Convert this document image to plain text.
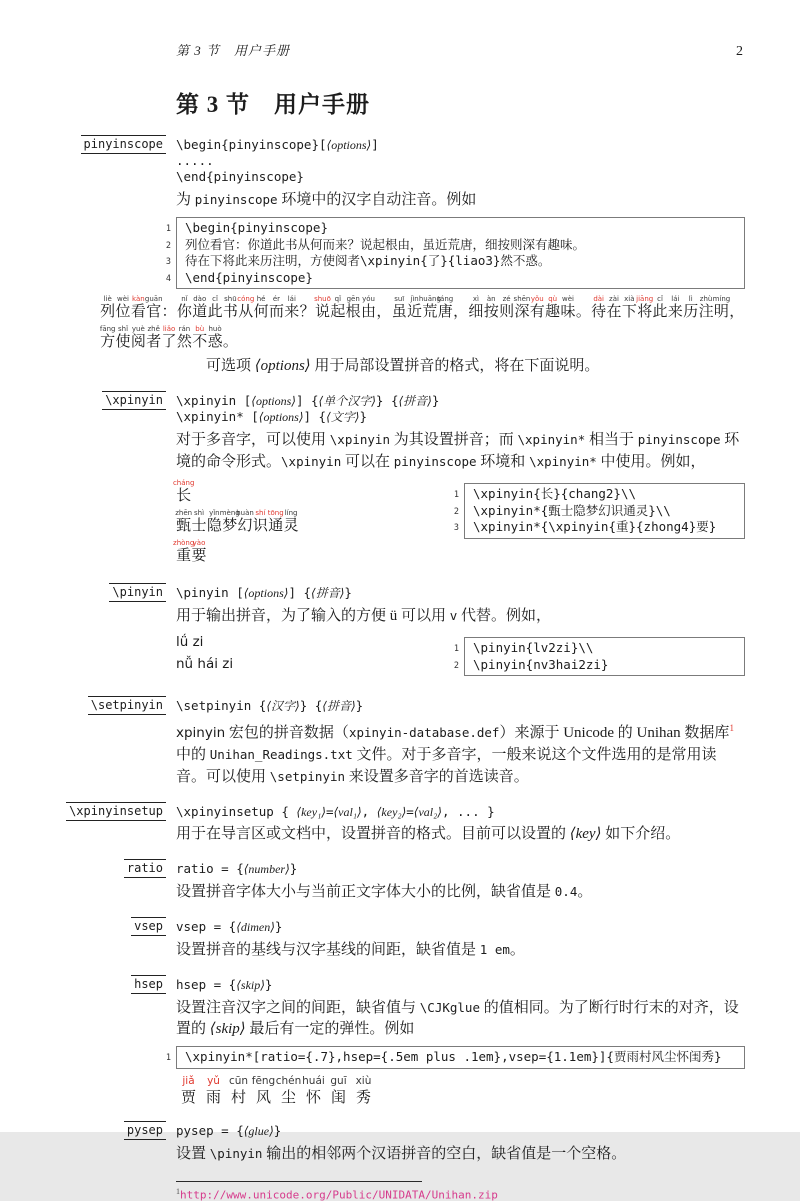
第 3 节　用户手册	2
第 3 节　用户手册
pinyinscope \begin{pinyinscope}[⟨options⟩]
.....
\end{pinyinscope}

为 pinyinscope 环境中的汉字自动注音。例如

1
2
3
4
\begin{pinyinscope}
列位看官：你道此书从何而来？说起根由，虽近荒唐，细按则深有趣味。
待在下将此来历注明，方使阅者\xpinyin{了}{liao3}然不惑。
\end{pinyinscope}
liè
列
wèi
位
kàn
看
guān
官 ：
nǐ
你
dào
道
cǐ
此
shū
书
cóng
从
hé
何
ér
而
lái
来 ？
shuō
说
qǐ
起
gēn
根
yóu
由 ，
suī
虽
jìn
近
huāng
荒
táng
唐 ，
xì
细
àn
按
zé
则
shēn
深
yǒu
有
qù
趣
wèi
味 。
dài
待
zài
在
xià
下
jiāng
将
cǐ
此
lái
来
lì
历
zhù
注
míng
明 ，
fāng
方
shǐ
使
yuè
阅
zhě
者
liǎo
了
rán
然
bù
不
huò
惑 。

可选项 ⟨options⟩ 用于局部设置拼音的格式，将在下面说明。

\xpinyin \xpinyin [⟨options⟩] {⟨单个汉字⟩} {⟨拼音⟩}
\xpinyin* [⟨options⟩] {⟨文字⟩}

对于多音字，可以使用 \xpinyin 为其设置拼音；而 \xpinyin* 相当于 pinyinscope 环境的命令形式。\xpinyin 可以在 pinyinscope 环境和 \xpinyin* 中使用。例如，

cháng
长
zhēn
甄
shì
士
yǐn
隐
mèng
梦
huàn
幻
shí
识
tōng
通
líng
灵
zhòng
重
yào
要
1
2
3
\xpinyin{长}{chang2}\\
\xpinyin*{甄士隐梦幻识通灵}\\
\xpinyin*{\xpinyin{重}{zhong4}要}
\pinyin \pinyin [⟨options⟩] {⟨拼音⟩}

用于输出拼音，为了输入的方便 ü 可以用 v 代替。例如，

lǘ zi
nǚ hái zi
1
2
\pinyin{lv2zi}\\
\pinyin{nv3hai2zi}
\setpinyin \setpinyin {⟨汉字⟩} {⟨拼音⟩}

xpinyin 宏包的拼音数据（xpinyin-database.def）来源于 Unicode 的 Unihan 数据库$^1$中的 Unihan_Readings.txt 文件。对于多音字，一般来说这个文件选用的是常用读音。可以使用 \setpinyin 来设置多音字的首选读音。

\xpinyinsetup \xpinyinsetup { ⟨key₁⟩=⟨val₁⟩, ⟨key₂⟩=⟨val₂⟩, ... }

用于在导言区或文档中，设置拼音的格式。目前可以设置的 ⟨key⟩ 如下介绍。

ratio ratio = {⟨number⟩}

设置拼音字体大小与当前正文字体大小的比例，缺省值是 0.4。

vsep vsep = {⟨dimen⟩}

设置拼音的基线与汉字基线的间距，缺省值是 1 em。

hsep hsep = {⟨skip⟩}

设置注音汉字之间的间距，缺省值与 \CJKglue 的值相同。为了断行时行末的对齐，设置的 ⟨skip⟩ 最后有一定的弹性。例如

1 \xpinyin*[ratio={.7},hsep={.5em plus .1em},vsep={1.1em}]{贾雨村风尘怀闺秀}
jiǎ
贾
yǔ
雨
cūn
村
fēng
风
chén
尘
huái
怀
guī
闺
xiù
秀
pysep pysep = {⟨glue⟩}

设置 \pinyin 输出的相邻两个汉语拼音的空白，缺省值是一个空格。

$^1$http://www.unicode.org/Public/UNIDATA/Unihan.zip
